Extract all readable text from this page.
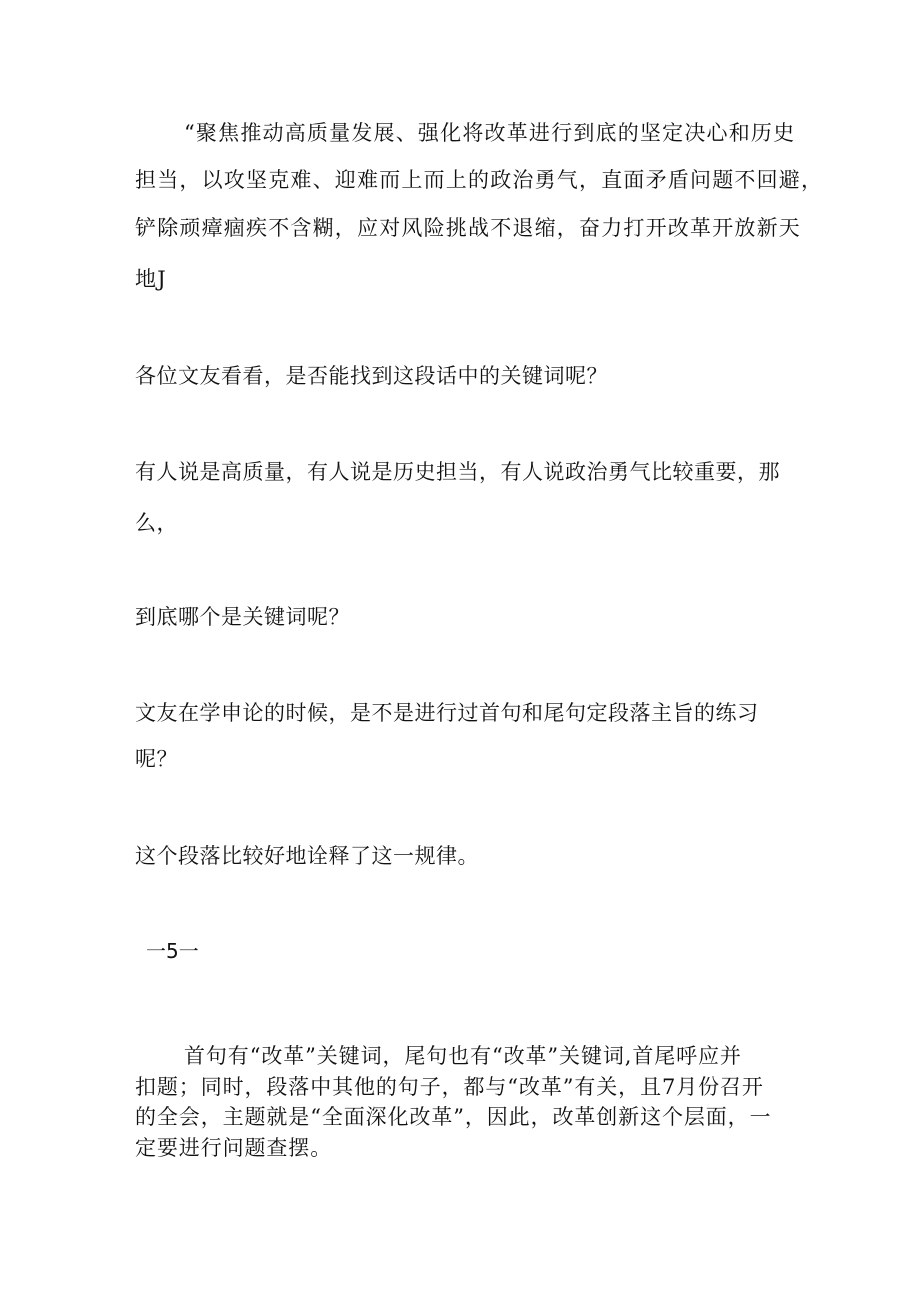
“聚焦推动高质量发展、强化将改革进行到底的坚定决心和历史
担当，以攻坚克难、迎难而上而上的政治勇气，直面矛盾问题不回避，
铲除顽瘴痼疾不含糊，应对风险挑战不退缩，奋力打开改革开放新天
地J
各位文友看看，是否能找到这段话中的关键词呢？
有人说是高质量，有人说是历史担当，有人说政治勇气比较重要，那
么，
到底哪个是关键词呢？
文友在学申论的时候，是不是进行过首句和尾句定段落主旨的练习
呢？
这个段落比较好地诠释了这一规律。
一5一
首句有“改革”关键词，尾句也有“改革”关键词,首尾呼应并
扣题；同时，段落中其他的句子，都与“改革”有关，且7月份召开
的全会，主题就是“全面深化改革”，因此，改革创新这个层面，一
定要进行问题查摆。
